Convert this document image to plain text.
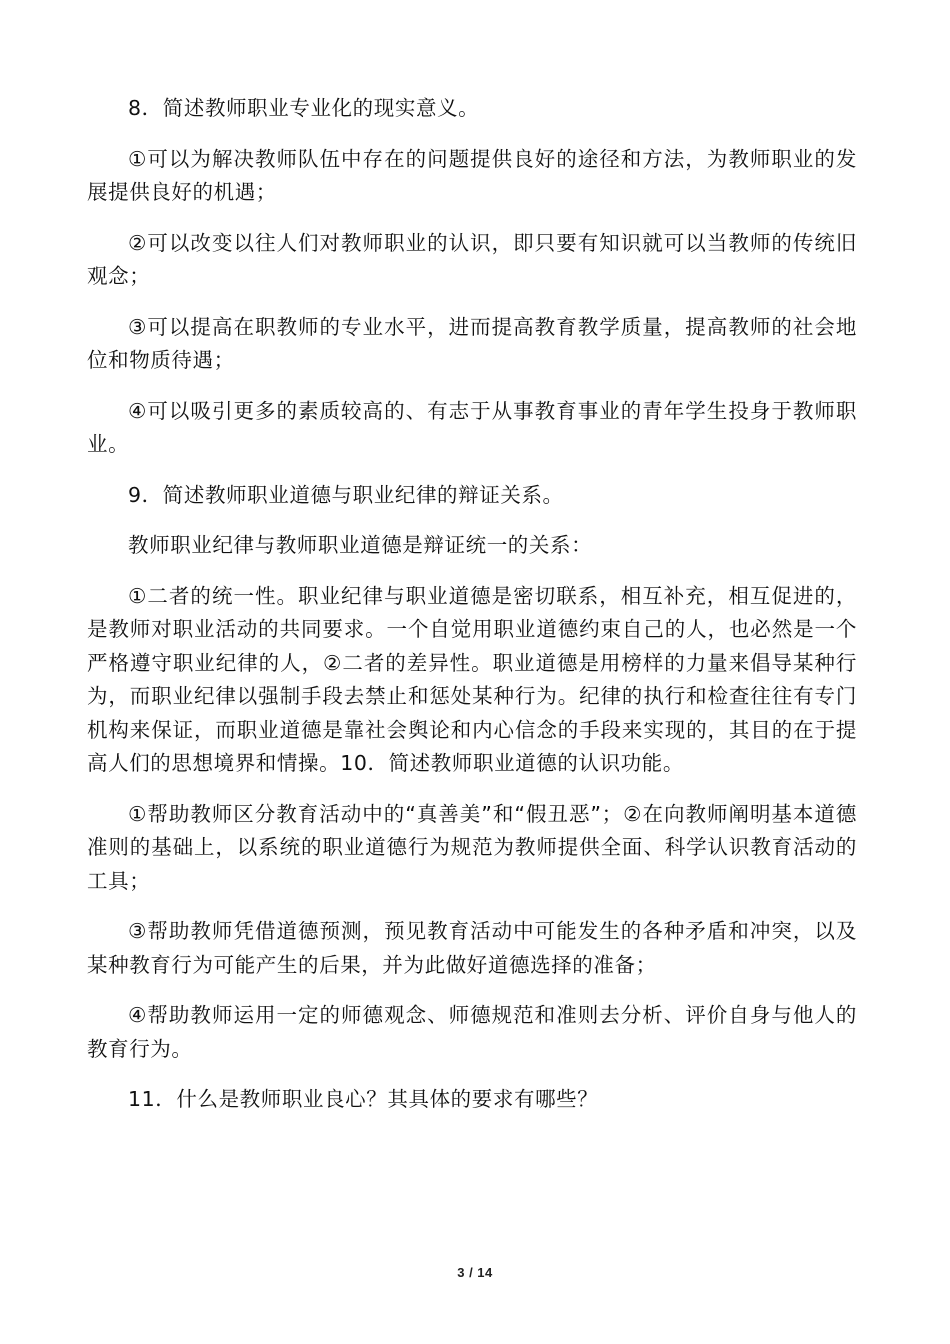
8．简述教师职业专业化的现实意义。

①可以为解决教师队伍中存在的问题提供良好的途径和方法，为教师职业的发展提供良好的机遇；

②可以改变以往人们对教师职业的认识，即只要有知识就可以当教师的传统旧观念；

③可以提高在职教师的专业水平，进而提高教育教学质量，提高教师的社会地位和物质待遇；

④可以吸引更多的素质较高的、有志于从事教育事业的青年学生投身于教师职业。

9．简述教师职业道德与职业纪律的辩证关系。

教师职业纪律与教师职业道德是辩证统一的关系：

①二者的统一性。职业纪律与职业道德是密切联系，相互补充，相互促进的，是教师对职业活动的共同要求。一个自觉用职业道德约束自己的人，也必然是一个严格遵守职业纪律的人，②二者的差异性。职业道德是用榜样的力量来倡导某种行为，而职业纪律以强制手段去禁止和惩处某种行为。纪律的执行和检查往往有专门机构来保证，而职业道德是靠社会舆论和内心信念的手段来实现的，其目的在于提高人们的思想境界和情操。10．简述教师职业道德的认识功能。

①帮助教师区分教育活动中的“真善美”和“假丑恶”；②在向教师阐明基本道德准则的基础上，以系统的职业道德行为规范为教师提供全面、科学认识教育活动的工具；

③帮助教师凭借道德预测，预见教育活动中可能发生的各种矛盾和冲突，以及某种教育行为可能产生的后果，并为此做好道德选择的准备；

④帮助教师运用一定的师德观念、师德规范和准则去分析、评价自身与他人的教育行为。

11．什么是教师职业良心？其具体的要求有哪些？

3 / 14
